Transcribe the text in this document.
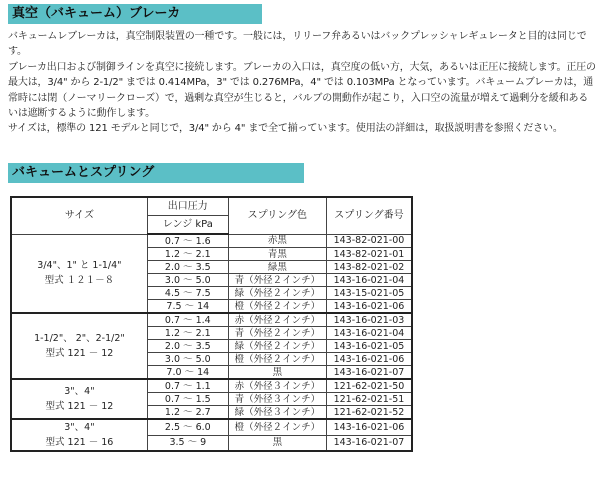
真空（バキューム）ブレーカ

バキュームレブレーカは，真空制限装置の一種です。一般には，リリーフ弁あるいはバックプレッシャレギュレータと目的は同じです。

ブレーカ出口および制御ラインを真空に接続します。ブレーカの入口は，真空度の低い方，大気，あるいは正圧に接続します。正圧の最大は，3/4" から 2-1/2" までは 0.414MPa，3" では 0.276MPa，4" では 0.103MPa となっています。バキュームブレーカは，通常時には閉（ノーマリークローズ）で，過剰な真空が生じると，バルブの開動作が起こり，入口空の流量が増えて過剰分を緩和あるいは遮断するように動作します。

サイズは，標準の 121 モデルと同じで，3/4" から 4" まで全て揃っています。使用法の詳細は，取扱説明書を参照ください。

バキュームとスプリング
サイズ	出口圧力	スプリング色	スプリング番号
	レンジ kPa		

3/4"、1" と 1-1/4"
型式 １２１－８	0.7 ～ 1.6	赤黒	143-82-021-00
	1.2 ～ 2.1	青黒	143-82-021-01
	2.0 ～ 3.5	緑黒	143-82-021-02
	3.0 ～ 5.0	青（外径２インチ）	143-16-021-04
	4.5 ～ 7.5	緑（外径２インチ）	143-15-021-05
	7.5 ～ 14	橙（外径２インチ）	143-16-021-06

1-1/2"、 2"、2-1/2"
型式 121 － 12	0.7 ～ 1.4	赤（外径２インチ）	143-16-021-03
	1.2 ～ 2.1	青（外径２インチ）	143-16-021-04
	2.0 ～ 3.5	緑（外径２インチ）	143-16-021-05
	3.0 ～ 5.0	橙（外径２インチ）	143-16-021-06
	7.0 ～ 14	黒	143-16-021-07

3"、4"
型式 121 － 12	0.7 ～ 1.1	赤（外径３インチ）	121-62-021-50
	0.7 ～ 1.5	青（外径３インチ）	121-62-021-51
	1.2 ～ 2.7	緑（外径３インチ）	121-62-021-52

3"、4"
型式 121 － 16	2.5 ～ 6.0	橙（外径２インチ）	143-16-021-06
	3.5 ～ 9	黒	143-16-021-07
